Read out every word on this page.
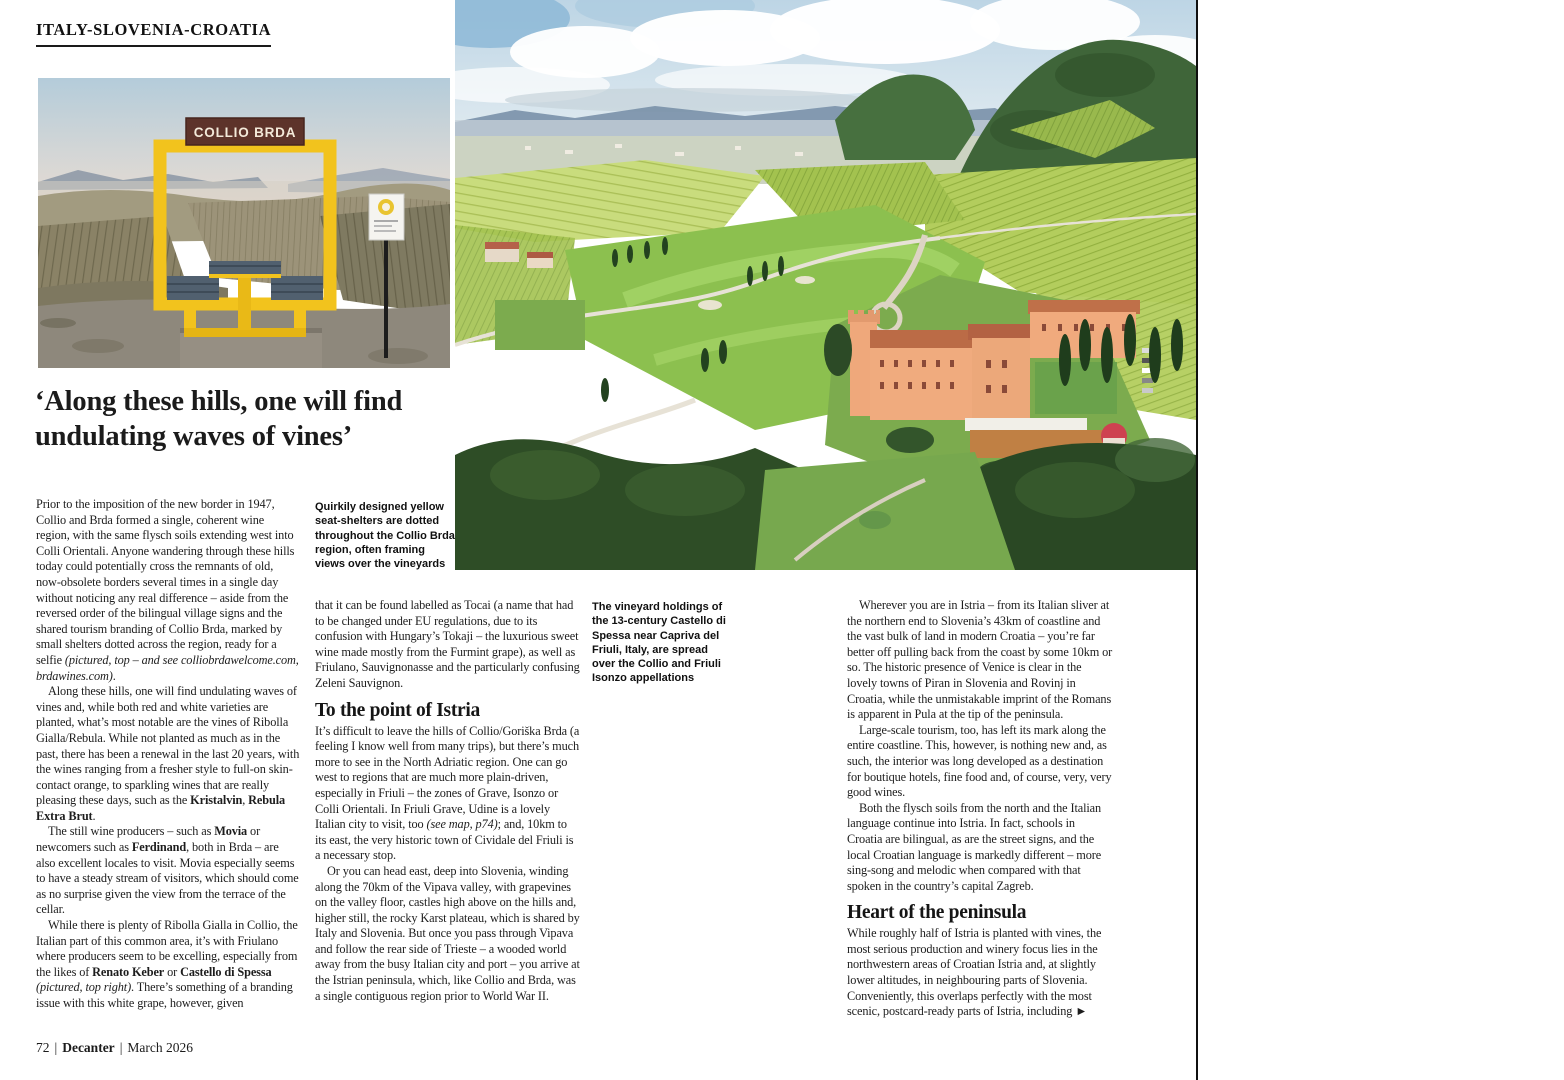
ITALY-SLOVENIA-CROATIA
COLLIO BRDA
‘Along these hills, one will find
undulating waves of vines’
Quirkily designed yellow seat-shelters are dotted throughout the Collio Brda region, often framing views over the vineyards
The vineyard holdings of the 13-century Castello di Spessa near Capriva del Friuli, Italy, are spread over the Collio and Friuli Isonzo appellations

Prior to the imposition of the new border in 1947, Collio and Brda formed a single, coherent wine region, with the same flysch soils extending west into Colli Orientali. Anyone wandering through these hills today could potentially cross the remnants of old, now-obsolete borders several times in a single day without noticing any real difference – aside from the reversed order of the bilingual village signs and the shared tourism branding of Collio Brda, marked by small shelters dotted across the region, ready for a selfie (pictured, top – and see colliobrdawelcome.com, brdawines.com).

Along these hills, one will find undulating waves of vines and, while both red and white varieties are planted, what’s most notable are the vines of Ribolla Gialla/Rebula. While not planted as much as in the past, there has been a renewal in the last 20 years, with the wines ranging from a fresher style to full-on skin-contact orange, to sparkling wines that are really pleasing these days, such as the Kristalvin, Rebula Extra Brut.

The still wine producers – such as Movia or newcomers such as Ferdinand, both in Brda – are also excellent locales to visit. Movia especially seems to have a steady stream of visitors, which should come as no surprise given the view from the terrace of the cellar.

While there is plenty of Ribolla Gialla in Collio, the Italian part of this common area, it’s with Friulano where producers seem to be excelling, especially from the likes of Renato Keber or Castello di Spessa (pictured, top right). There’s something of a branding issue with this white grape, however, given

that it can be found labelled as Tocai (a name that had to be changed under EU regulations, due to its confusion with Hungary’s Tokaji – the luxurious sweet wine made mostly from the Furmint grape), as well as Friulano, Sauvignonasse and the particularly confusing Zeleni Sauvignon.

To the point of Istria

It’s difficult to leave the hills of Collio/Goriška Brda (a feeling I know well from many trips), but there’s much more to see in the North Adriatic region. One can go west to regions that are much more plain-driven, especially in Friuli – the zones of Grave, Isonzo or Colli Orientali. In Friuli Grave, Udine is a lovely Italian city to visit, too (see map, p74); and, 10km to its east, the very historic town of Cividale del Friuli is a necessary stop.

Or you can head east, deep into Slovenia, winding along the 70km of the Vipava valley, with grapevines on the valley floor, castles high above on the hills and, higher still, the rocky Karst plateau, which is shared by Italy and Slovenia. But once you pass through Vipava and follow the rear side of Trieste – a wooded world away from the busy Italian city and port – you arrive at the Istrian peninsula, which, like Collio and Brda, was a single contiguous region prior to World War II.

Wherever you are in Istria – from its Italian sliver at the northern end to Slovenia’s 43km of coastline and the vast bulk of land in modern Croatia – you’re far better off pulling back from the coast by some 10km or so. The historic presence of Venice is clear in the lovely towns of Piran in Slovenia and Rovinj in Croatia, while the unmistakable imprint of the Romans is apparent in Pula at the tip of the peninsula.

Large-scale tourism, too, has left its mark along the entire coastline. This, however, is nothing new and, as such, the interior was long developed as a destination for boutique hotels, fine food and, of course, very, very good wines.

Both the flysch soils from the north and the Italian language continue into Istria. In fact, schools in Croatia are bilingual, as are the street signs, and the local Croatian language is markedly different – more sing-song and melodic when compared with that spoken in the country’s capital Zagreb.

Heart of the peninsula

While roughly half of Istria is planted with vines, the most serious production and winery focus lies in the northwestern areas of Croatian Istria and, at slightly lower altitudes, in neighbouring parts of Slovenia. Conveniently, this overlaps perfectly with the most scenic, postcard-ready parts of Istria, including ►

72 | Decanter | March 2026
